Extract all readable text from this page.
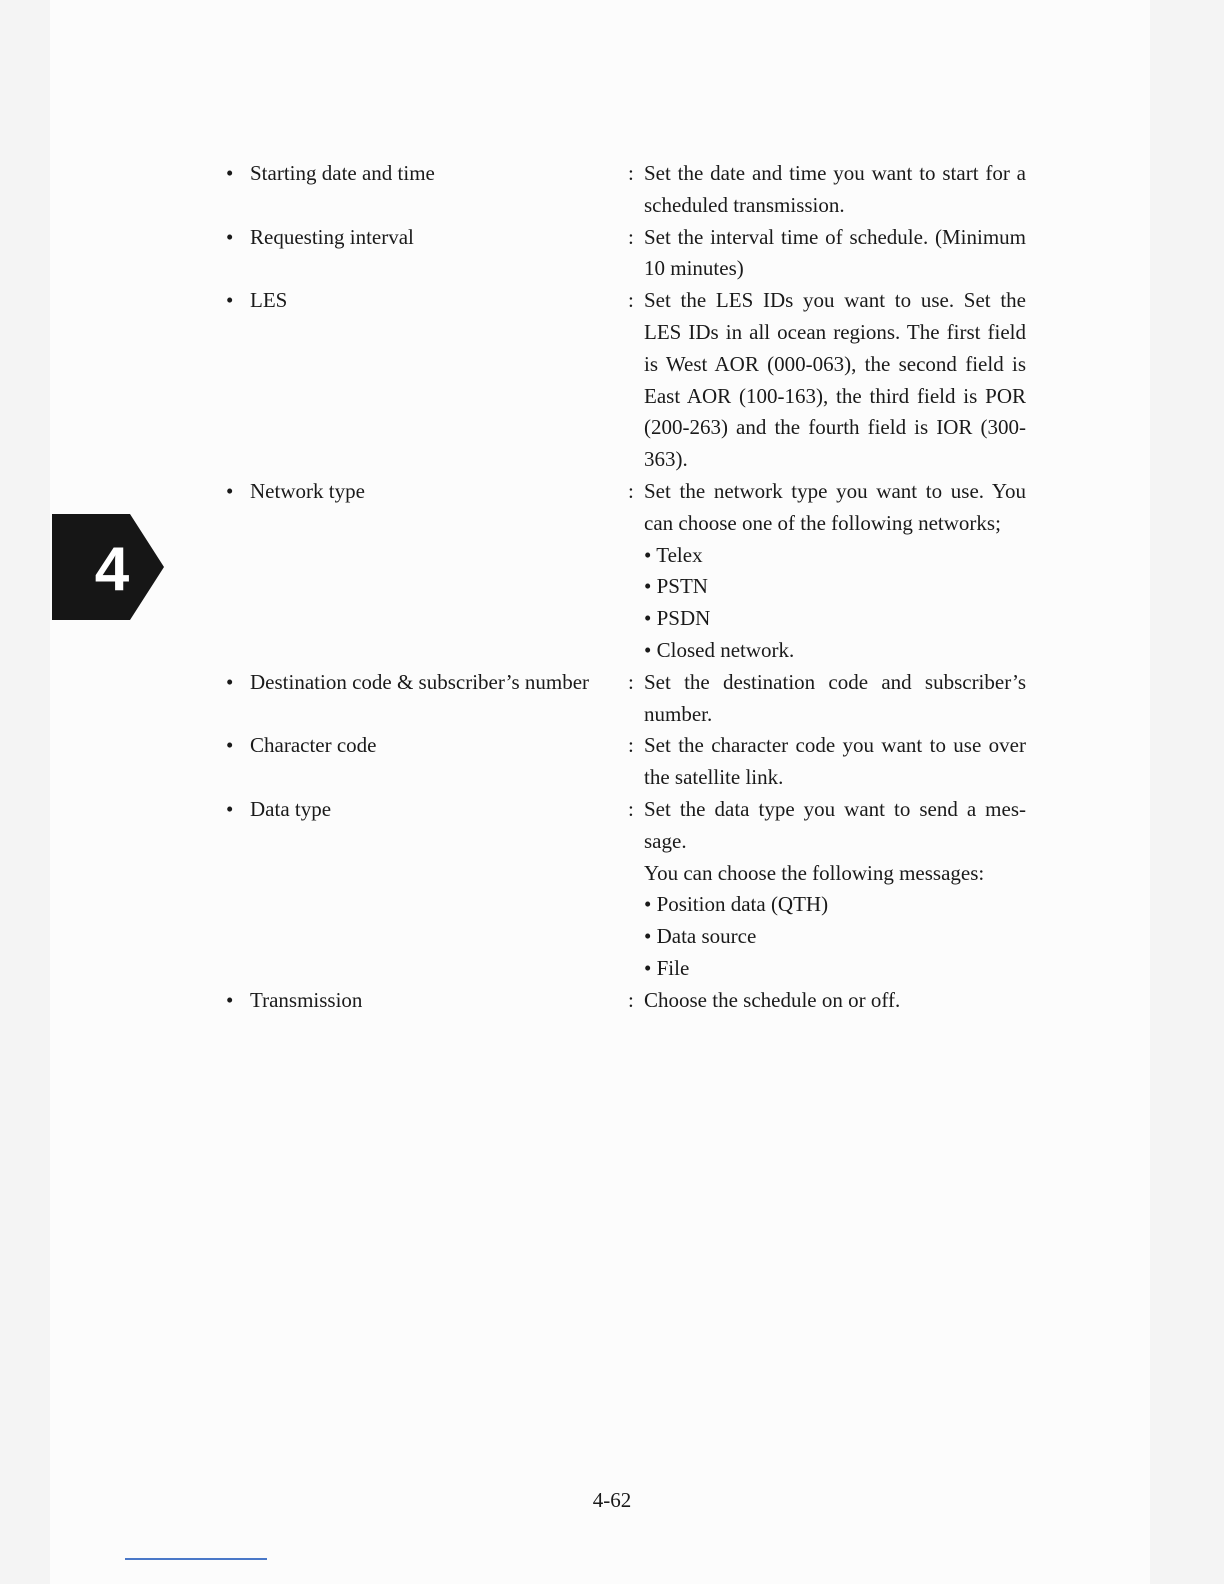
4
• Starting date and time	: Set the date and time you want to start for a
scheduled transmission.
• Requesting interval	: Set the interval time of schedule. (Minimum
10 minutes)
• LES	: Set the LES IDs you want to use. Set the
LES IDs in all ocean regions. The first field
is West AOR (000-063), the second field is
East AOR (100-163), the third field is POR
(200-263) and the fourth field is IOR (300-
363).
• Network type	: Set the network type you want to use. You
can choose one of the following networks;
• Telex
• PSTN
• PSDN
• Closed network.
• Destination code & subscriber’s number : Set the destination code and subscriber’s
number.
• Character code	: Set the character code you want to use over
the satellite link.
• Data type	: Set the data type you want to send a mes-
sage.
You can choose the following messages:
• Position data (QTH)
• Data source
• File
• Transmission	: Choose the schedule on or off.
4-62
